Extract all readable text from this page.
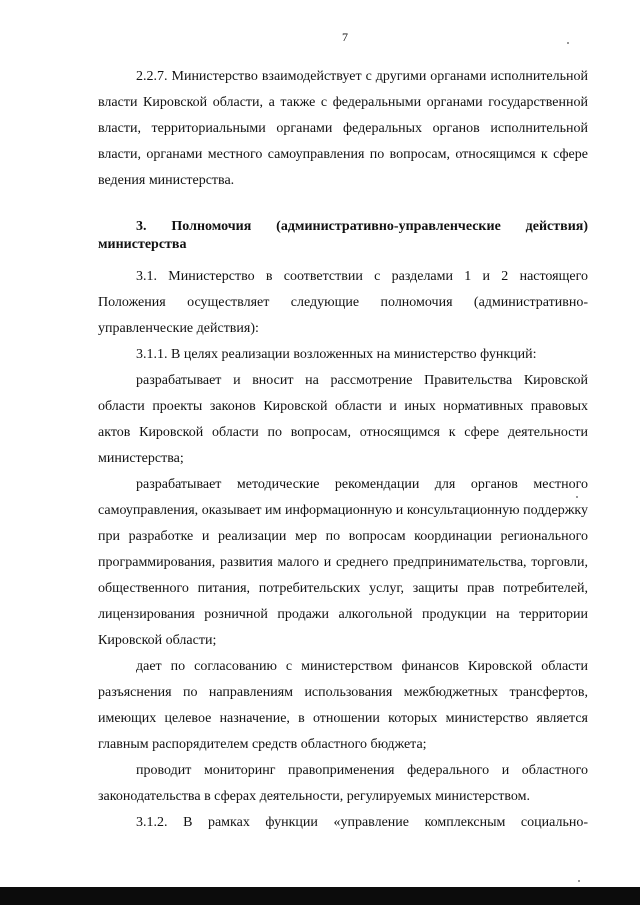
7

2.2.7. Министерство взаимодействует с другими органами исполнительной власти Кировской области, а также с федеральными органами государственной власти, территориальными органами федеральных органов исполнительной власти, органами местного самоуправления по вопросам, относящимся к сфере ведения министерства.

3. Полномочия (административно-управленческие действия) министерства

3.1. Министерство в соответствии с разделами 1 и 2 настоящего Положения осуществляет следующие полномочия (административно-управленческие действия):

3.1.1. В целях реализации возложенных на министерство функций:

разрабатывает и вносит на рассмотрение Правительства Кировской области проекты законов Кировской области и иных нормативных правовых актов Кировской области по вопросам, относящимся к сфере деятельности министерства;

разрабатывает методические рекомендации для органов местного самоуправления, оказывает им информационную и консультационную поддержку при разработке и реализации мер по вопросам координации регионального программирования, развития малого и среднего предпринимательства, торговли, общественного питания, потребительских услуг, защиты прав потребителей, лицензирования розничной продажи алкогольной продукции на территории Кировской области;

дает по согласованию с министерством финансов Кировской области разъяснения по направлениям использования межбюджетных трансфертов, имеющих целевое назначение, в отношении которых министерство является главным распорядителем средств областного бюджета;

проводит мониторинг правоприменения федерального и областного законодательства в сферах деятельности, регулируемых министерством.

3.1.2. В рамках функции «управление комплексным социально-
